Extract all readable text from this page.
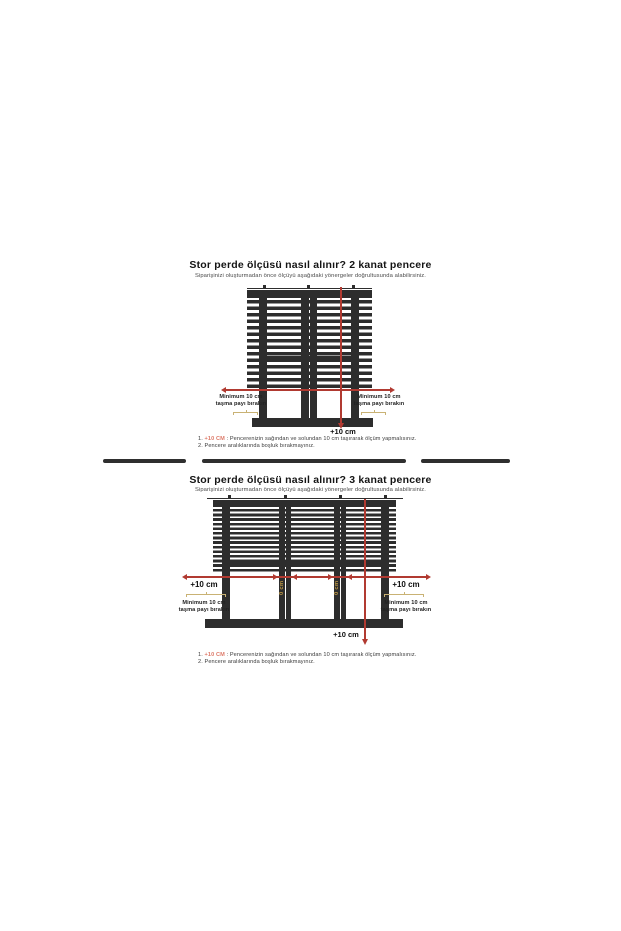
Stor perde ölçüsü nasıl alınır? 2 kanat pencere
Siparişinizi oluşturmadan önce ölçüyü aşağıdaki yönergeler doğrultusunda alabilirsiniz.
Minimum 10 cm
taşma payı bırakın
Minimum 10 cm
taşma payı bırakın
+10 cm
1. +10 CM : Pencerenizin sağından ve solundan 10 cm taşırarak ölçüm yapmalısınız.
2. Pencere aralıklarında boşluk bırakmayınız.
Stor perde ölçüsü nasıl alınır? 3 kanat pencere
Siparişinizi oluşturmadan önce ölçüyü aşağıdaki yönergeler doğrultusunda alabilirsiniz.
0 cm	0 cm
+10 cm	+10 cm
Minimum 10 cm
taşma payı bırakın
Minimum 10 cm
taşma payı bırakın
+10 cm
1. +10 CM : Pencerenizin sağından ve solundan 10 cm taşırarak ölçüm yapmalısınız.
2. Pencere aralıklarında boşluk bırakmayınız.
